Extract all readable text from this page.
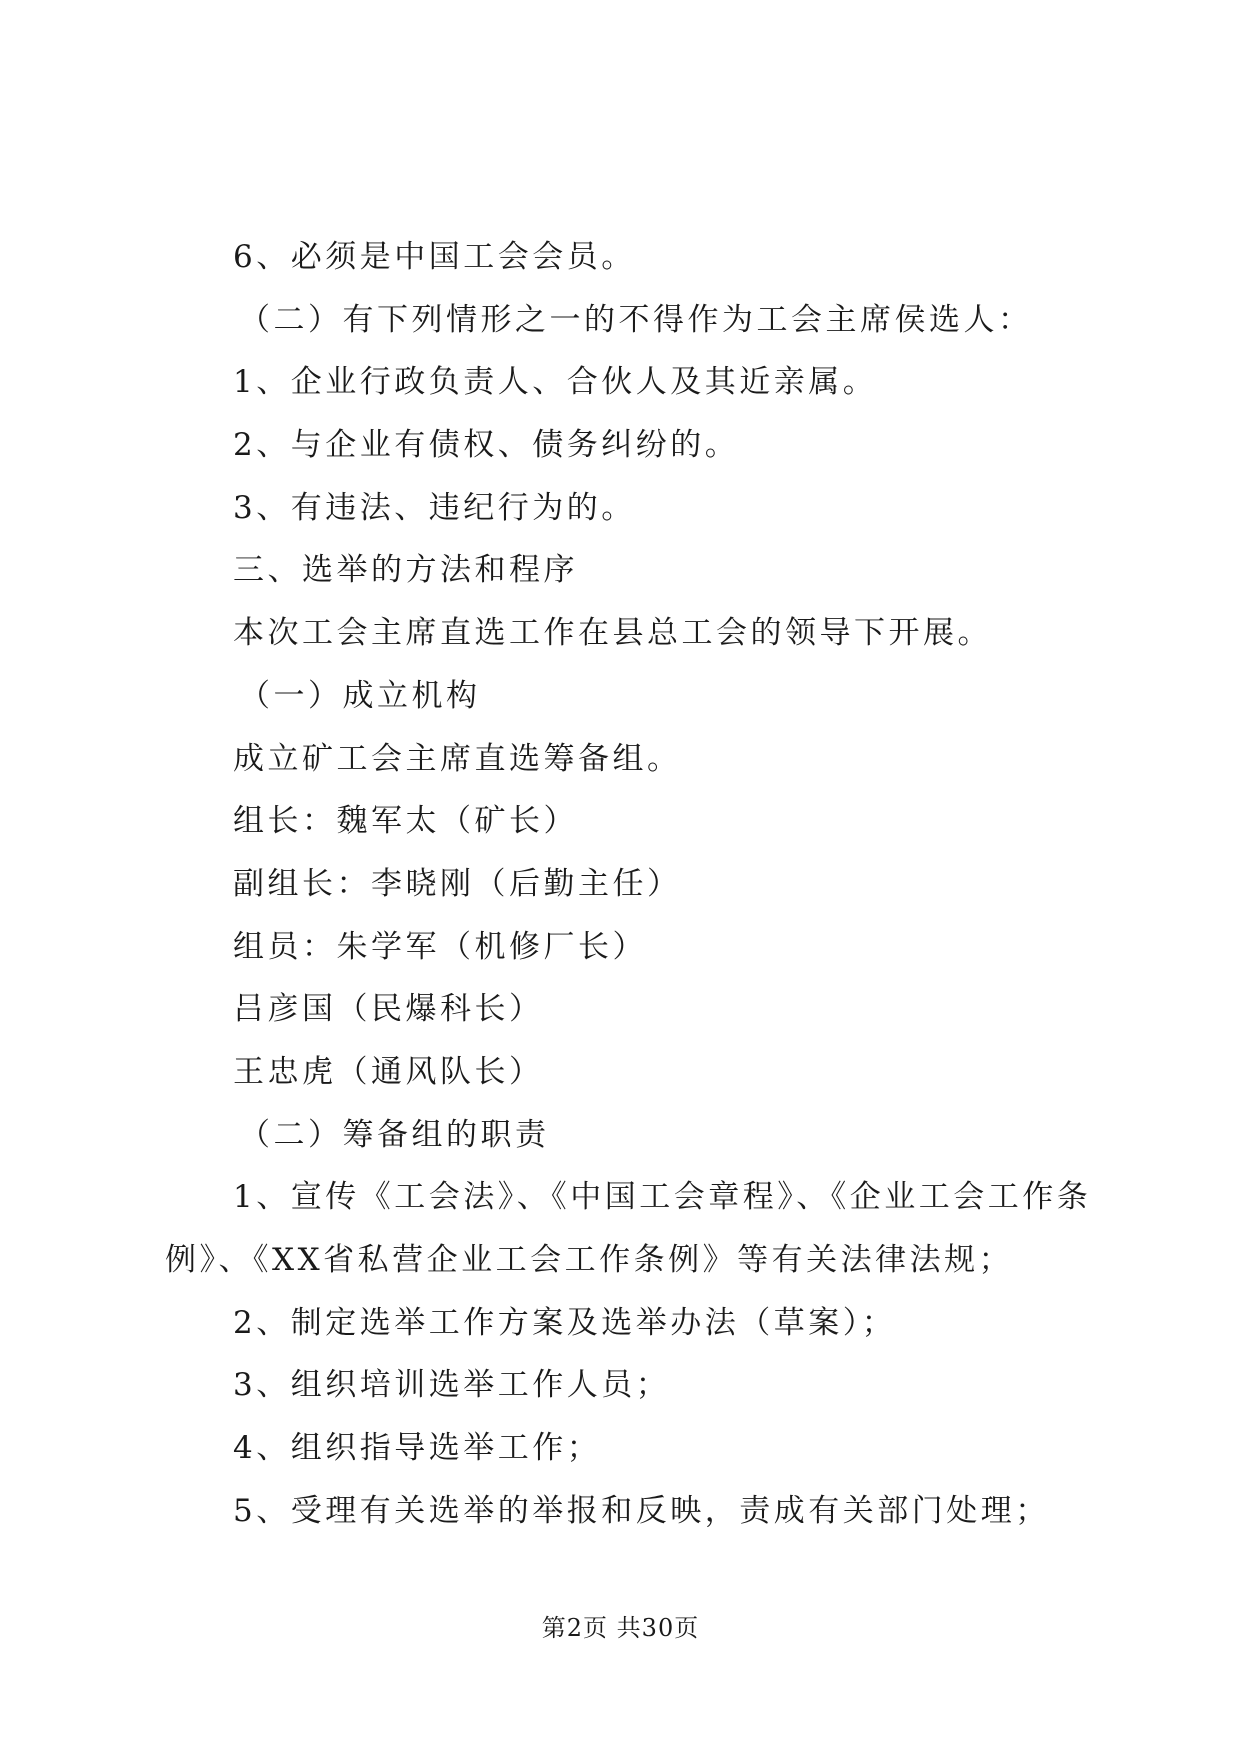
6、必须是中国工会会员。
（二）有下列情形之一的不得作为工会主席侯选人：
1、企业行政负责人、合伙人及其近亲属。
2、与企业有债权、债务纠纷的。
3、有违法、违纪行为的。
三、选举的方法和程序
本次工会主席直选工作在县总工会的领导下开展。
（一）成立机构
成立矿工会主席直选筹备组。
组长：魏军太（矿长）
副组长：李晓刚（后勤主任）
组员：朱学军（机修厂长）
吕彦国（民爆科长）
王忠虎（通风队长）
（二）筹备组的职责
1、宣传《工会法》、《中国工会章程》、《企业工会工作条
例》、《XX省私营企业工会工作条例》等有关法律法规；
2、制定选举工作方案及选举办法（草案）；
3、组织培训选举工作人员；
4、组织指导选举工作；
5、受理有关选举的举报和反映，责成有关部门处理；
第2页 共30页
